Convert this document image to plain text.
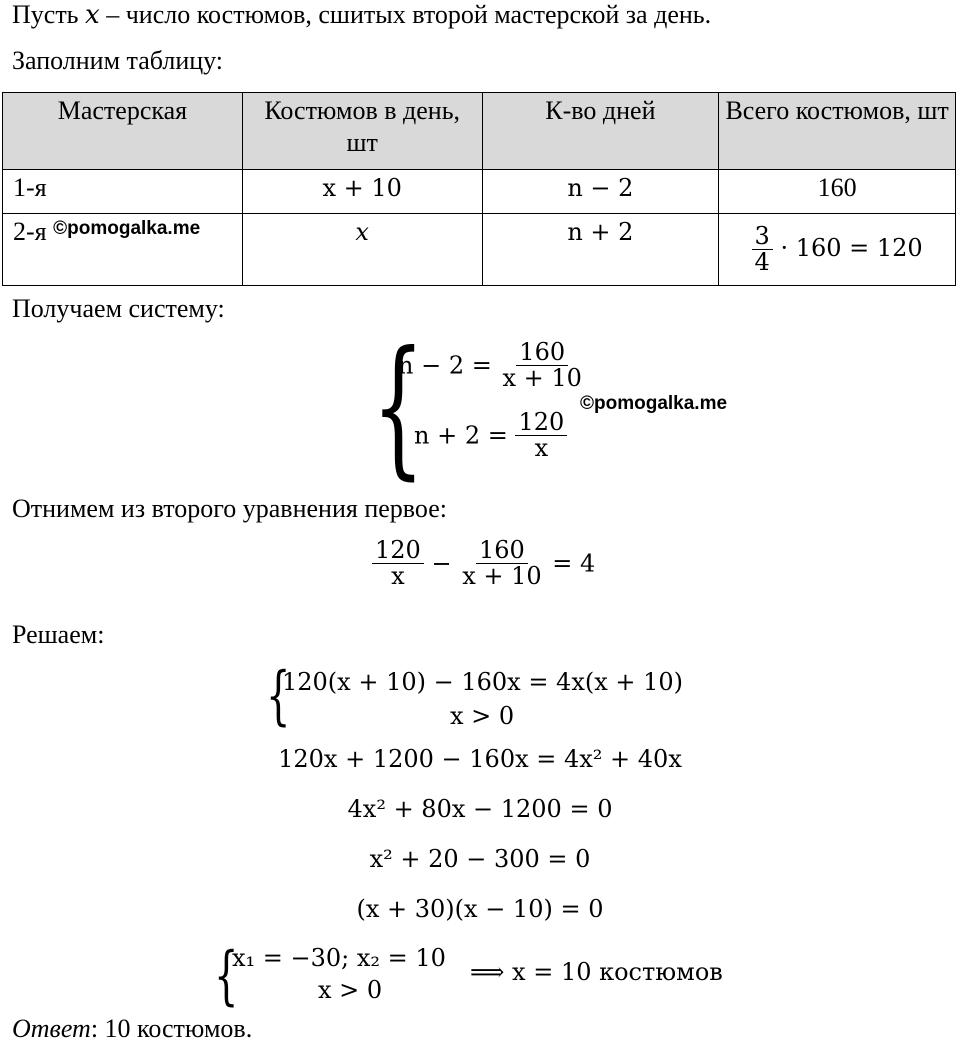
Пусть x – число костюмов, сшитых второй мастерской за день.
Заполним таблицу:
Мастерская	Костюмов в день, шт	К-во дней	Всего костюмов, шт
1-я	x + 10	n − 2	160
2-я $^{©pomogalka.me}$	x	n + 2	$\frac{3}{4} \cdot 160 = 120$
Получаем систему:
{
$n - 2 = \frac{160}{x + 10}$
©pomogalka.me
$n + 2 = \frac{120}{x}$
Отнимем из второго уравнения первое:
$\frac{120}{x} - \frac{160}{x + 10} = 4$
Решаем:
{
120(x + 10) − 160x = 4x(x + 10)
x > 0
120x + 1200 − 160x = 4x² + 40x
4x² + 80x − 1200 = 0
x² + 20 − 300 = 0
(x + 30)(x − 10) = 0
{
x₁ = −30; x₂ = 10
x > 0
⟹ x = 10 костюмов
Ответ: 10 костюмов.
